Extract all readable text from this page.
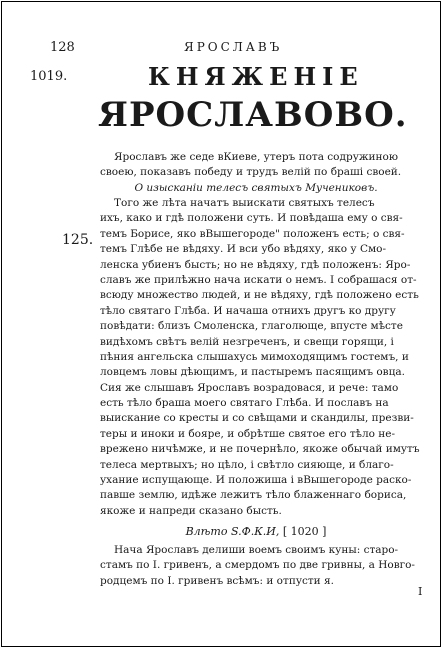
128	ЯРОСЛАВЪ
1019.	КНЯЖЕНІЕ
ЯРОСЛАВОВО.
125.
Ярославъ же седе вКиеве, утеръ пота содружиною
своею, показавъ победу и трудъ велiй по брашi своей.
О изысканiи телесъ святыхъ Мучениковъ.
Того же лѣта начатъ выискати святыхъ телесъ
ихъ, како и гдѣ положени суть. И повѣдаша ему о свя-
темъ Борисе, яко вВышегороде" положенъ есть; о свя-
темъ Глѣбе не вѣдяху. И вси убо вѣдяху, яко у Смо-
ленска убиенъ бысть; но не вѣдяху, гдѣ положенъ: Яро-
славъ же прилѣжно нача искати о немъ. І собрашася от-
всюду множество людей, и не вѣдяху, гдѣ положено есть
тѣло святаго Глѣба. И начаша отнихъ другъ ко другу
повѣдати: близъ Смоленска, глаголюще, впусте мѣсте
видѣхомъ свѣтъ велiй незгреченъ, и свещи горящи, і
пѣния ангельска слышахусь мимоходящимъ гостемъ, и
ловцемъ ловы дѣющимъ, и пастыремъ пасящимъ овца.
Сия же слышавъ Ярославъ возрадовася, и рече: тамо
есть тѣло браша моего святаго Глѣба. И пославъ на
выискание со кресты и со свѣщами и скандилы, презви-
теры и иноки и бояре, и обрѣтше святое его тѣло не-
врежено ничѣмже, и не почернѣло, якоже обычай имутъ
телеса мертвыхъ; но цѣло, і свѣтло сияюще, и благо-
ухание испущающе. И положиша і вВышегороде раско-
павше землю, идѣже лежитъ тѣло блаженнаго бориса,
якоже и напреди сказано бысть.
Влѣто S.Ф.К.И, [ 1020 ]
Нача Ярославъ делиши воемъ своимъ куны: старо-
стамъ по І. гривенъ, а смердомъ по две гривны, а Новго-
родцемъ по І. гривенъ всѣмъ: и отпусти я.
І
